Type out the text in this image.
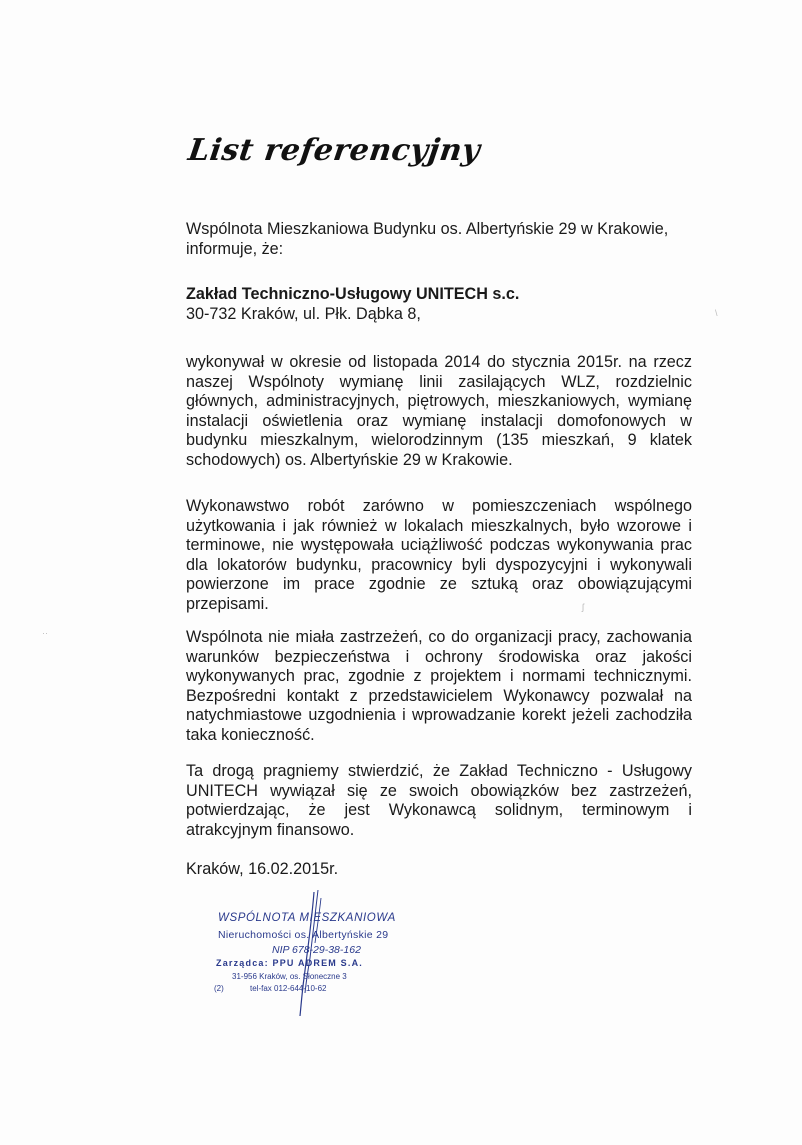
List referencyjny
Wspólnota Mieszkaniowa Budynku os. Albertyńskie 29 w Krakowie, informuje, że:
Zakład Techniczno-Usługowy UNITECH s.c.
30-732 Kraków, ul. Płk. Dąbka 8,
wykonywał w okresie od listopada 2014 do stycznia 2015r. na rzecz naszej Wspólnoty wymianę linii zasilających WLZ, rozdzielnic głównych, administracyjnych, piętrowych, mieszkaniowych, wymianę instalacji oświetlenia oraz wymianę instalacji domofonowych w budynku mieszkalnym, wielorodzinnym (135 mieszkań, 9 klatek schodowych) os. Albertyńskie 29 w Krakowie.
Wykonawstwo robót zarówno w pomieszczeniach wspólnego użytkowania i jak również w lokalach mieszkalnych, było wzorowe i terminowe, nie występowała uciążliwość podczas wykonywania prac dla lokatorów budynku, pracownicy byli dyspozycyjni i wykonywali powierzone im prace zgodnie ze sztuką oraz obowiązującymi przepisami.
Wspólnota nie miała zastrzeżeń, co do organizacji pracy, zachowania warunków bezpieczeństwa i ochrony środowiska oraz jakości wykonywanych prac, zgodnie z projektem i normami technicznymi. Bezpośredni kontakt z przedstawicielem Wykonawcy pozwalał na natychmiastowe uzgodnienia i wprowadzanie korekt jeżeli zachodziła taka konieczność.
Ta drogą pragniemy stwierdzić, że Zakład Techniczno - Usługowy UNITECH wywiązał się ze swoich obowiązków bez zastrzeżeń, potwierdzając, że jest Wykonawcą solidnym, terminowym i atrakcyjnym finansowo.
Kraków, 16.02.2015r.
WSPÓLNOTA MIESZKANIOWA
Nieruchomości os. Albertyńskie 29
NIP 678-29-38-162
Zarządca: PPU ADREM S.A.
31-956 Kraków, os. Słoneczne 3
tel-fax 012-644-10-62
(2)
\
ʃ
··
